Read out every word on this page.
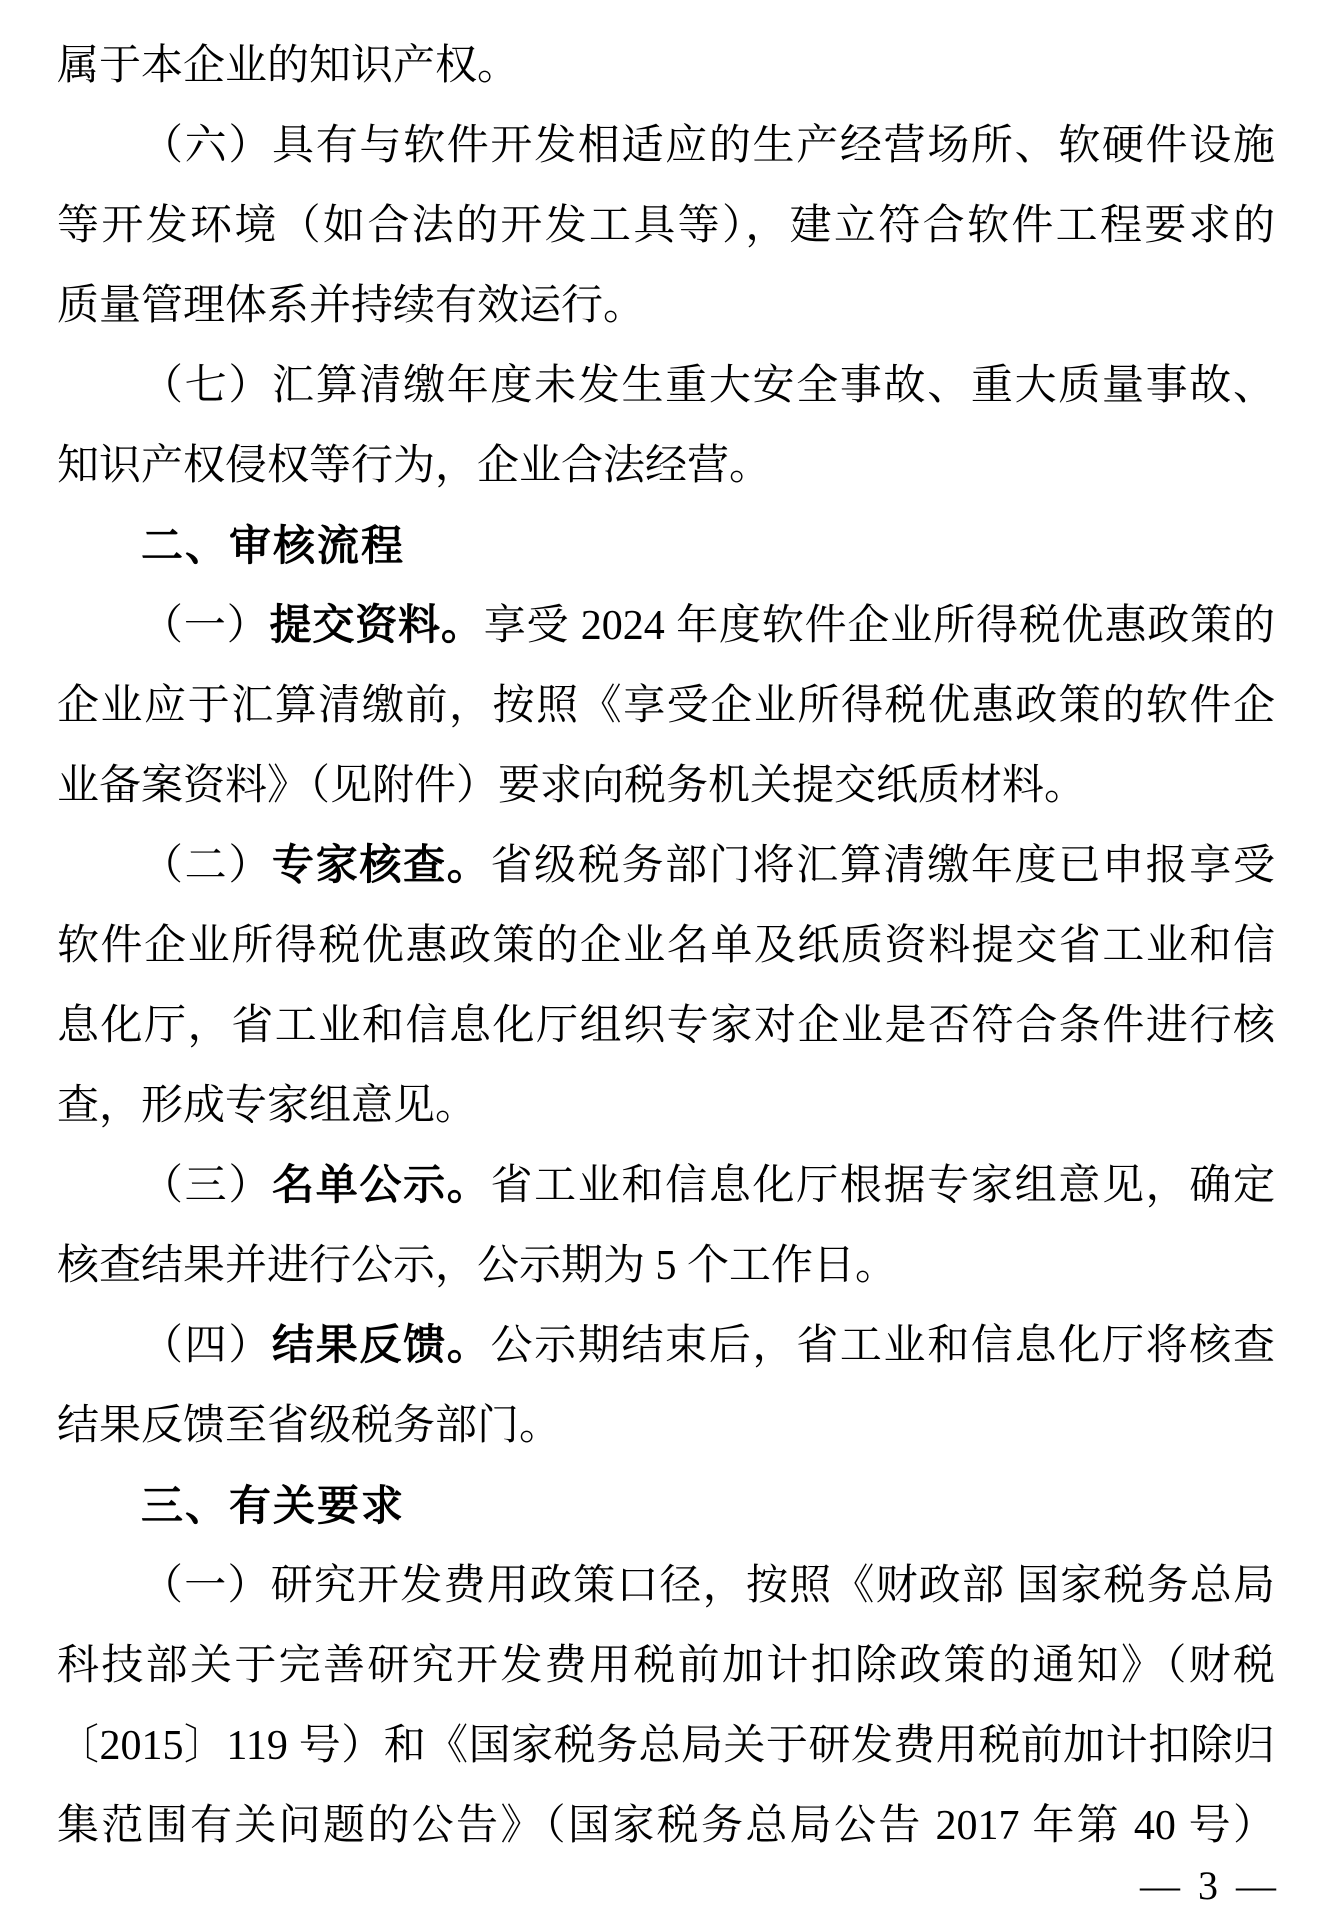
属于本企业的知识产权。
（六）具有与软件开发相适应的生产经营场所、软硬件设施
等开发环境（如合法的开发工具等），建立符合软件工程要求的
质量管理体系并持续有效运行。
（七）汇算清缴年度未发生重大安全事故、重大质量事故、
知识产权侵权等行为，企业合法经营。
二、审核流程
（一）提交资料。享受 2024 年度软件企业所得税优惠政策的
企业应于汇算清缴前，按照《享受企业所得税优惠政策的软件企
业备案资料》（见附件）要求向税务机关提交纸质材料。
（二）专家核查。省级税务部门将汇算清缴年度已申报享受
软件企业所得税优惠政策的企业名单及纸质资料提交省工业和信
息化厅，省工业和信息化厅组织专家对企业是否符合条件进行核
查，形成专家组意见。
（三）名单公示。省工业和信息化厅根据专家组意见，确定
核查结果并进行公示，公示期为 5 个工作日。
（四）结果反馈。公示期结束后，省工业和信息化厅将核查
结果反馈至省级税务部门。
三、有关要求
（一）研究开发费用政策口径，按照《财政部 国家税务总局
科技部关于完善研究开发费用税前加计扣除政策的通知》（财税
〔2015〕119 号）和《国家税务总局关于研发费用税前加计扣除归
集范围有关问题的公告》（国家税务总局公告 2017 年第 40 号）
— 3 —
